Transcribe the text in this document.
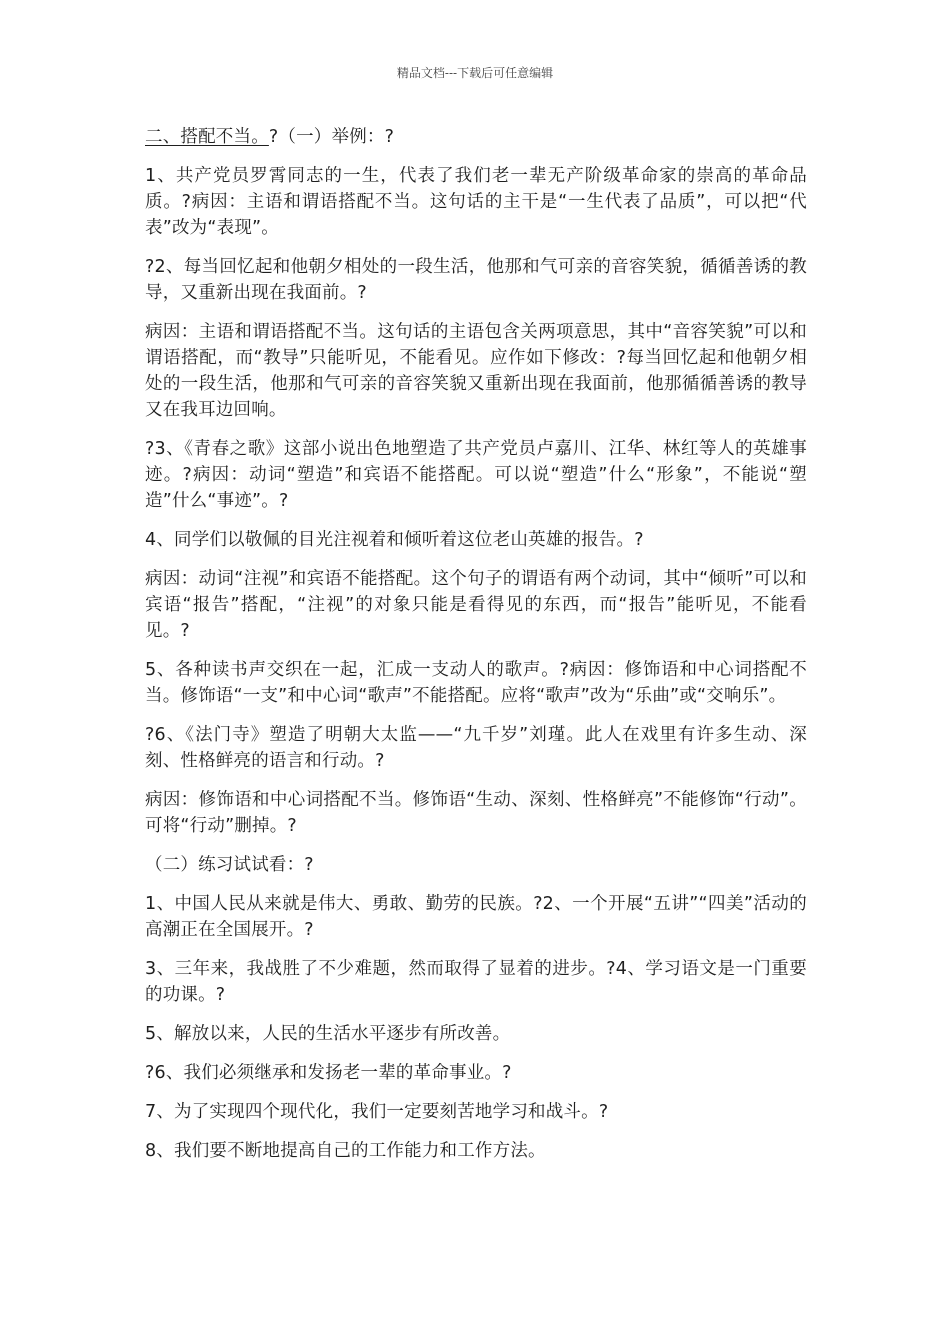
精品文档---下载后可任意编辑

二、搭配不当。?（一）举例：?

1、共产党员罗霄同志的一生，代表了我们老一辈无产阶级革命家的崇高的革命品质。?病因：主语和谓语搭配不当。这句话的主干是“一生代表了品质”，可以把“代表”改为“表现”。

?2、每当回忆起和他朝夕相处的一段生活，他那和气可亲的音容笑貌，循循善诱的教导，又重新出现在我面前。?

病因：主语和谓语搭配不当。这句话的主语包含关两项意思，其中“音容笑貌”可以和谓语搭配，而“教导”只能听见，不能看见。应作如下修改：?每当回忆起和他朝夕相处的一段生活，他那和气可亲的音容笑貌又重新出现在我面前，他那循循善诱的教导又在我耳边回响。

?3、《青春之歌》这部小说出色地塑造了共产党员卢嘉川、江华、林红等人的英雄事迹。?病因：动词“塑造”和宾语不能搭配。可以说“塑造”什么“形象”，不能说“塑造”什么“事迹”。?

4、同学们以敬佩的目光注视着和倾听着这位老山英雄的报告。?

病因：动词“注视”和宾语不能搭配。这个句子的谓语有两个动词，其中“倾听”可以和宾语“报告”搭配，“注视”的对象只能是看得见的东西，而“报告”能听见，不能看见。?

5、各种读书声交织在一起，汇成一支动人的歌声。?病因：修饰语和中心词搭配不当。修饰语“一支”和中心词“歌声”不能搭配。应将“歌声”改为“乐曲”或“交响乐”。

?6、《法门寺》塑造了明朝大太监——“九千岁”刘瑾。此人在戏里有许多生动、深刻、性格鲜亮的语言和行动。?

病因：修饰语和中心词搭配不当。修饰语“生动、深刻、性格鲜亮”不能修饰“行动”。可将“行动”删掉。?

（二）练习试试看：?

1、中国人民从来就是伟大、勇敢、勤劳的民族。?2、一个开展“五讲”“四美”活动的高潮正在全国展开。?

3、三年来，我战胜了不少难题，然而取得了显着的进步。?4、学习语文是一门重要的功课。?

5、解放以来，人民的生活水平逐步有所改善。

?6、我们必须继承和发扬老一辈的革命事业。?

7、为了实现四个现代化，我们一定要刻苦地学习和战斗。?

8、我们要不断地提高自己的工作能力和工作方法。
